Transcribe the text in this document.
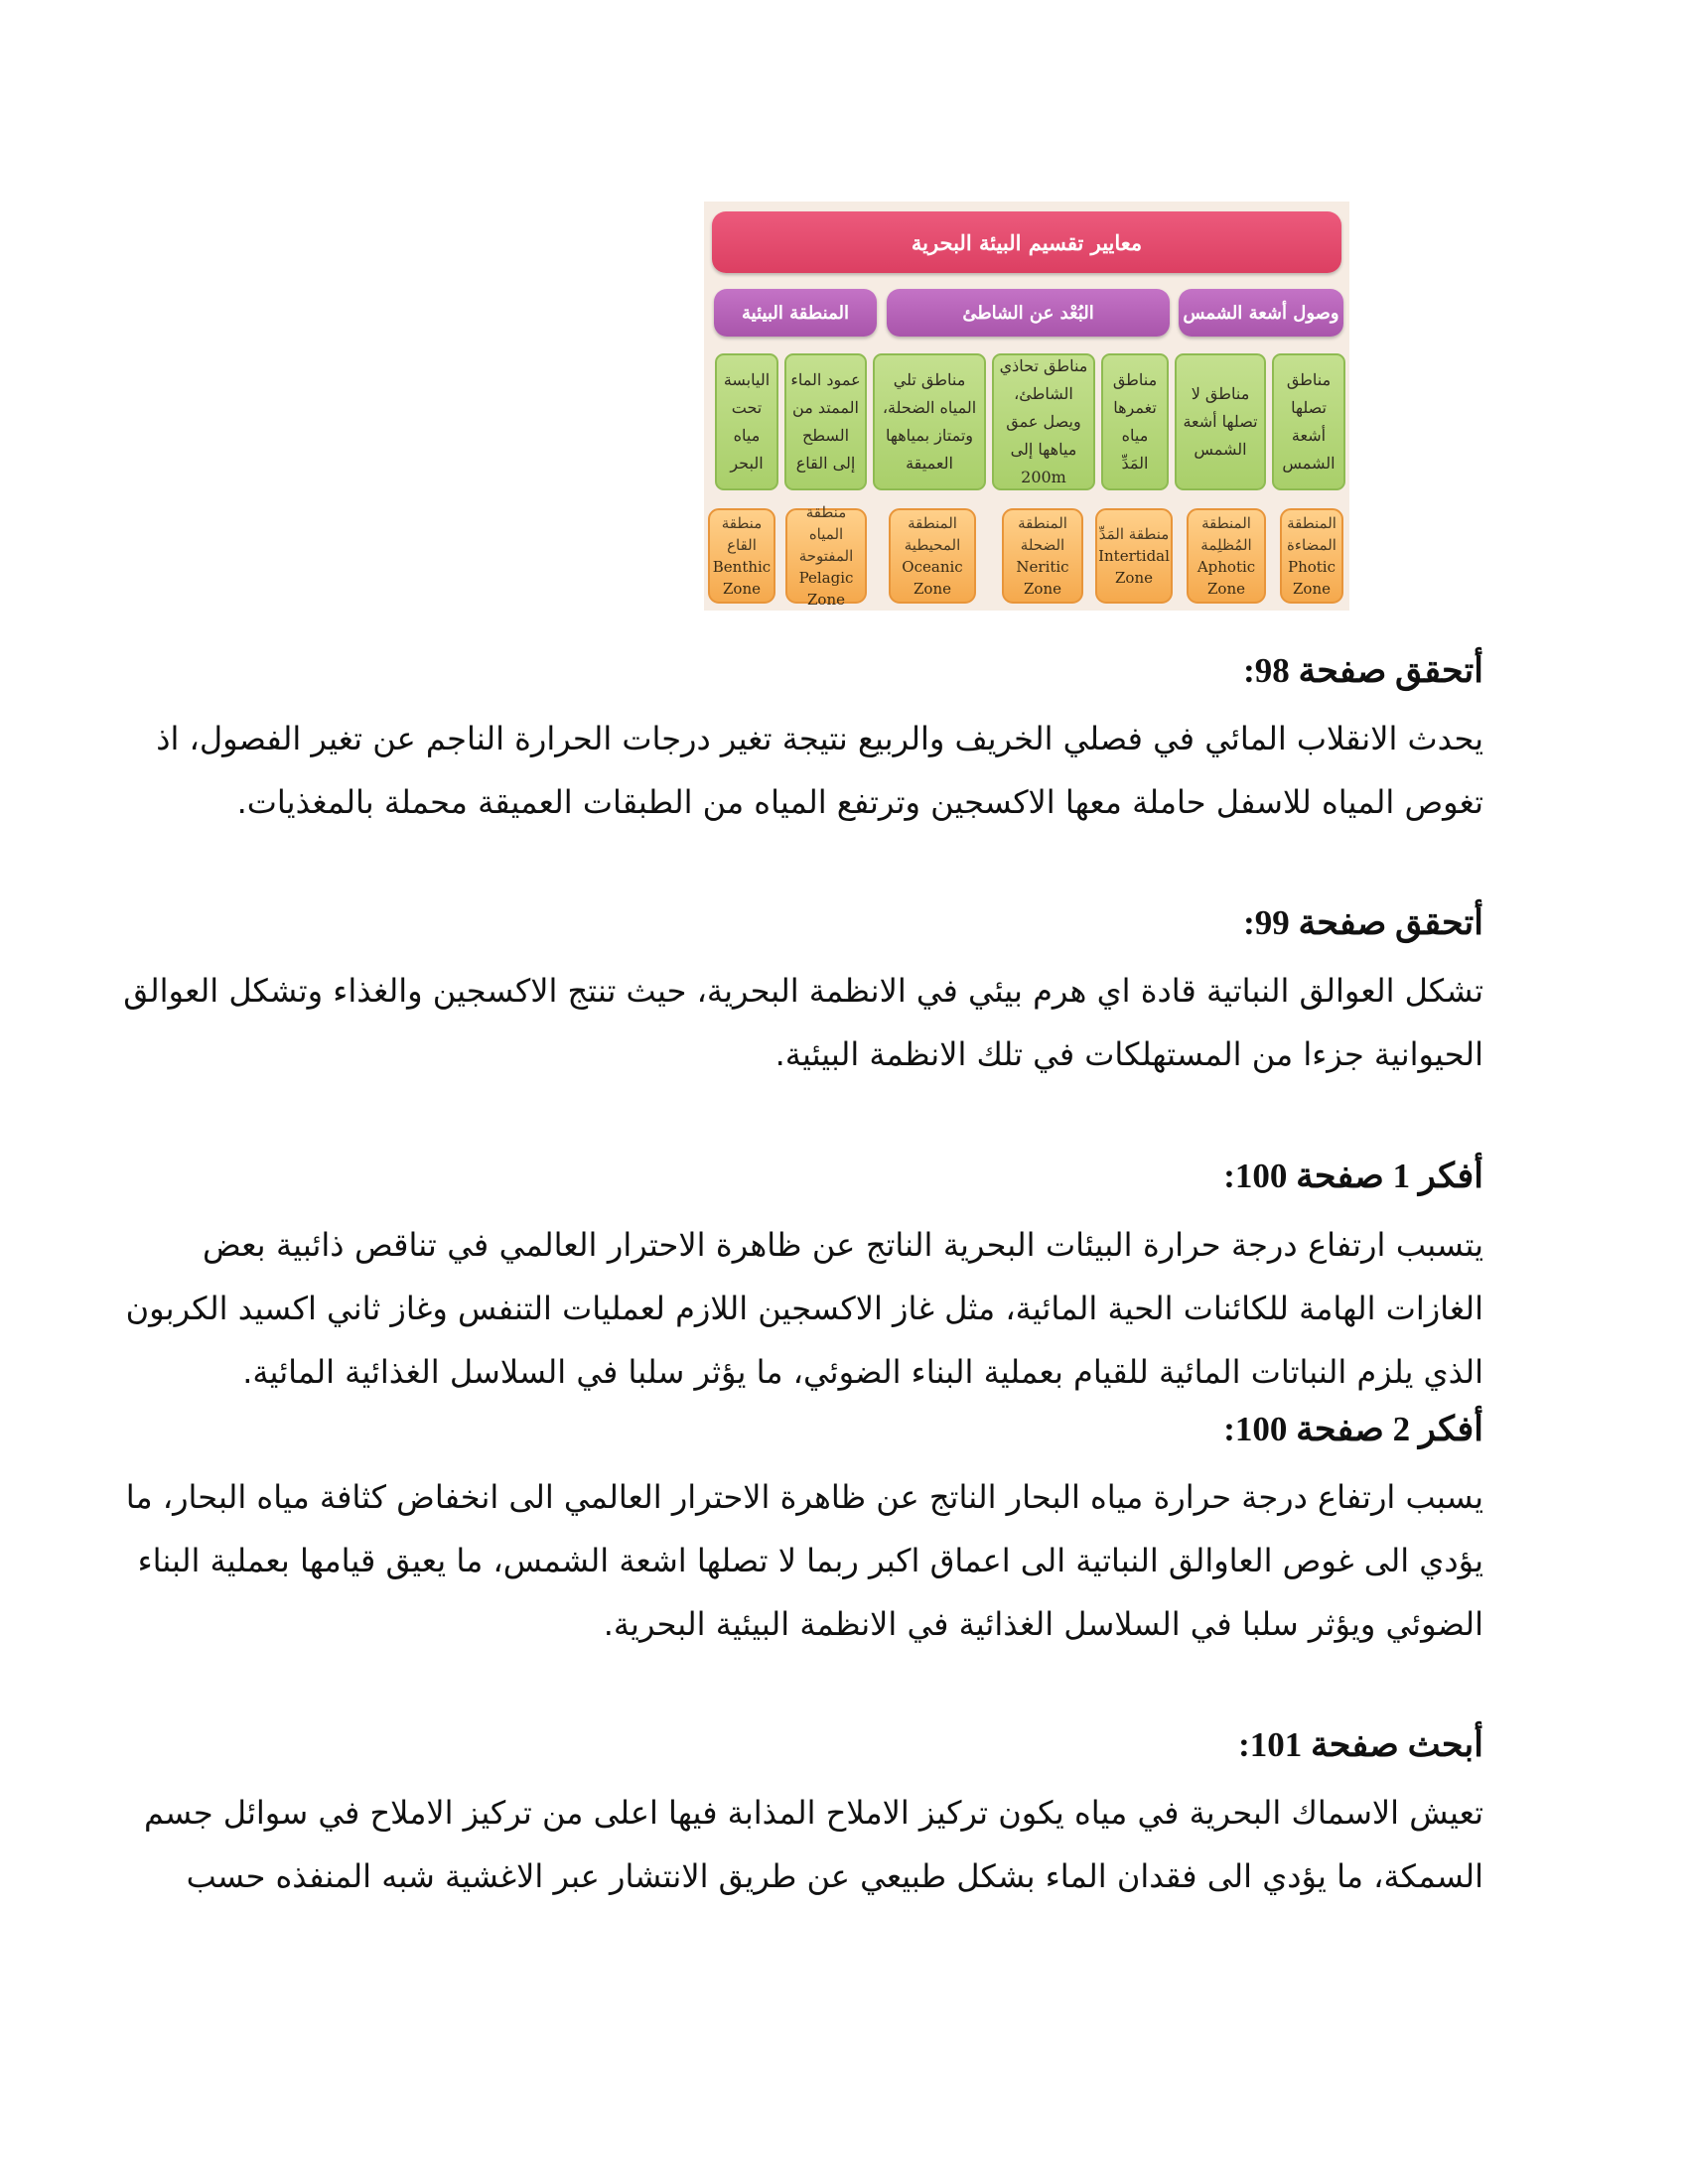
معايير تقسيم البيئة البحرية
وصول أشعة الشمس
البُعْد عن الشاطئ
المنطقة البيئية
مناطق تصلها أشعة الشمس
مناطق لا تصلها أشعة الشمس
مناطق تغمرها مياه المَدِّ
مناطق تحاذي الشاطئ، ويصل عمق مياهها إلى 200m
مناطق تلي المياه الضحلة، وتمتاز بمياهها العميقة
عمود الماء الممتد من السطح إلى القاع
اليابسة تحت مياه البحر
المنطقة المضاءة
Photic Zone
المنطقة المُظلِمة
Aphotic Zone
منطقة المَدِّ
Intertidal Zone
المنطقة الضحلة
Neritic Zone
المنطقة المحيطية
Oceanic Zone
منطقة المياه المفتوحة
Pelagic Zone
منطقة القاع
Benthic Zone
أتحقق صفحة 98:
يحدث الانقلاب المائي في فصلي الخريف والربيع نتيجة تغير درجات الحرارة الناجم عن تغير الفصول، اذ
تغوص المياه للاسفل حاملة معها الاكسجين وترتفع المياه من الطبقات العميقة محملة بالمغذيات.
أتحقق صفحة 99:
تشكل العوالق النباتية قادة اي هرم بيئي في الانظمة البحرية، حيث تنتج الاكسجين والغذاء وتشكل العوالق
الحيوانية جزءا من المستهلكات في تلك الانظمة البيئية.
أفكر 1 صفحة 100:
يتسبب ارتفاع درجة حرارة البيئات البحرية الناتج عن ظاهرة الاحترار العالمي في تناقص ذائبية بعض
الغازات الهامة للكائنات الحية المائية، مثل غاز الاكسجين اللازم لعمليات التنفس وغاز ثاني اكسيد الكربون
الذي يلزم النباتات المائية للقيام بعملية البناء الضوئي، ما يؤثر سلبا في السلاسل الغذائية المائية.
أفكر 2 صفحة 100:
يسبب ارتفاع درجة حرارة مياه البحار الناتج عن ظاهرة الاحترار العالمي الى انخفاض كثافة مياه البحار، ما
يؤدي الى غوص العاوالق النباتية الى اعماق اكبر ربما لا تصلها اشعة الشمس، ما يعيق قيامها بعملية البناء
الضوئي ويؤثر سلبا في السلاسل الغذائية في الانظمة البيئية البحرية.
أبحث صفحة 101:
تعيش الاسماك البحرية في مياه يكون تركيز الاملاح المذابة فيها اعلى من تركيز الاملاح في سوائل جسم
السمكة، ما يؤدي الى فقدان الماء بشكل طبيعي عن طريق الانتشار عبر الاغشية شبه المنفذه حسب
